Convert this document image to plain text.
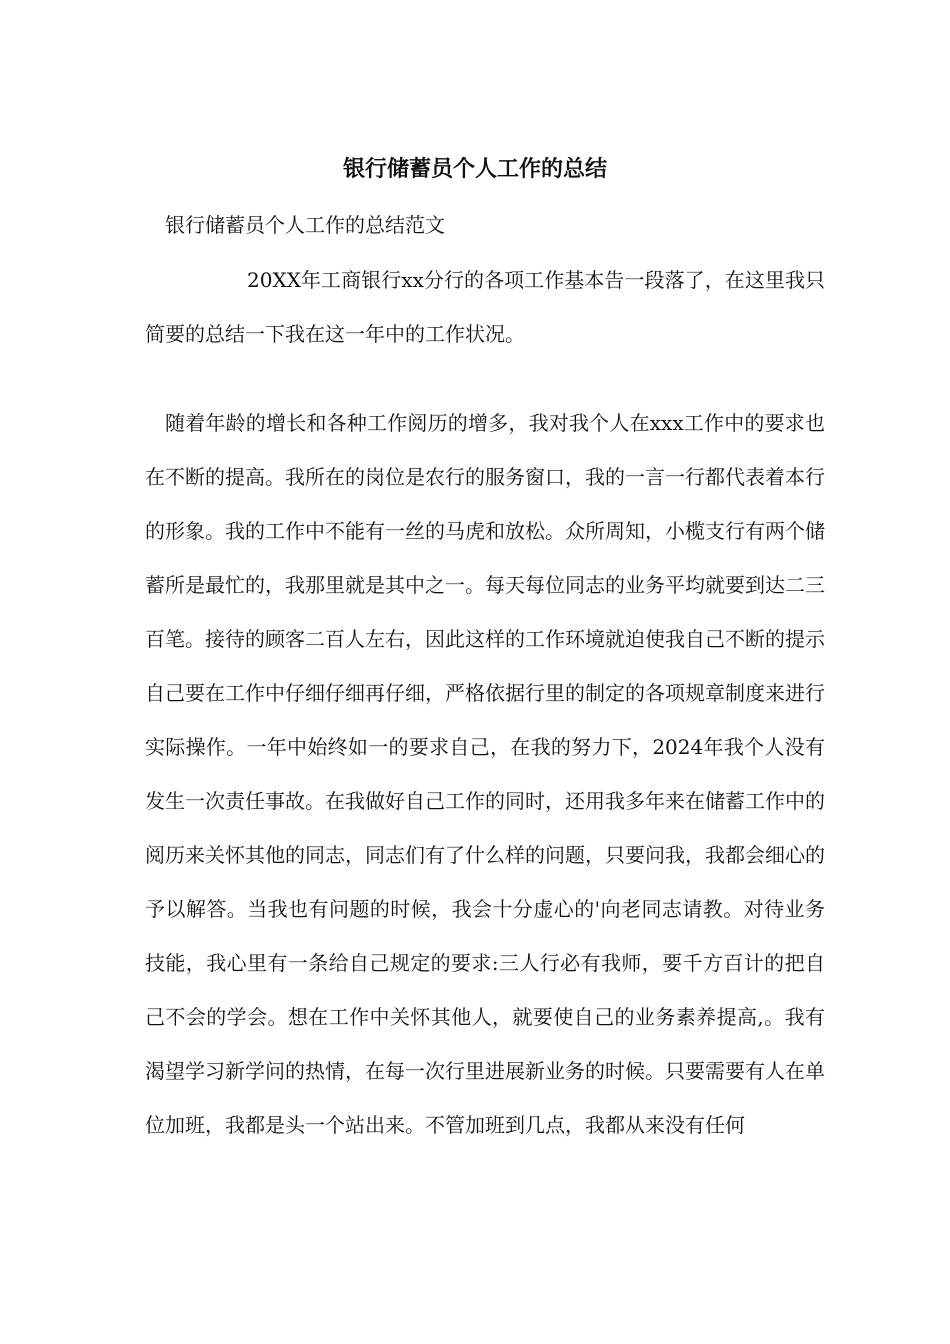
银行储蓄员个人工作的总结

银行储蓄员个人工作的总结范文

20XX年工商银行xx分行的各项工作基本告一段落了，在这里我只简要的总结一下我在这一年中的工作状况。

随着年龄的增长和各种工作阅历的增多，我对我个人在xxx工作中的要求也在不断的提高。我所在的岗位是农行的服务窗口，我的一言一行都代表着本行的形象。我的工作中不能有一丝的马虎和放松。众所周知，小榄支行有两个储蓄所是最忙的，我那里就是其中之一。每天每位同志的业务平均就要到达二三百笔。接待的顾客二百人左右，因此这样的工作环境就迫使我自己不断的提示自己要在工作中仔细仔细再仔细，严格依据行里的制定的各项规章制度来进行实际操作。一年中始终如一的要求自己，在我的努力下，2024年我个人没有发生一次责任事故。在我做好自己工作的同时，还用我多年来在储蓄工作中的阅历来关怀其他的同志，同志们有了什么样的问题，只要问我，我都会细心的予以解答。当我也有问题的时候，我会十分虚心的'向老同志请教。对待业务技能，我心里有一条给自己规定的要求:三人行必有我师，要千方百计的把自己不会的学会。想在工作中关怀其他人，就要使自己的业务素养提高,。我有渴望学习新学问的热情，在每一次行里进展新业务的时候。只要需要有人在单位加班，我都是头一个站出来。不管加班到几点，我都从来没有任何
